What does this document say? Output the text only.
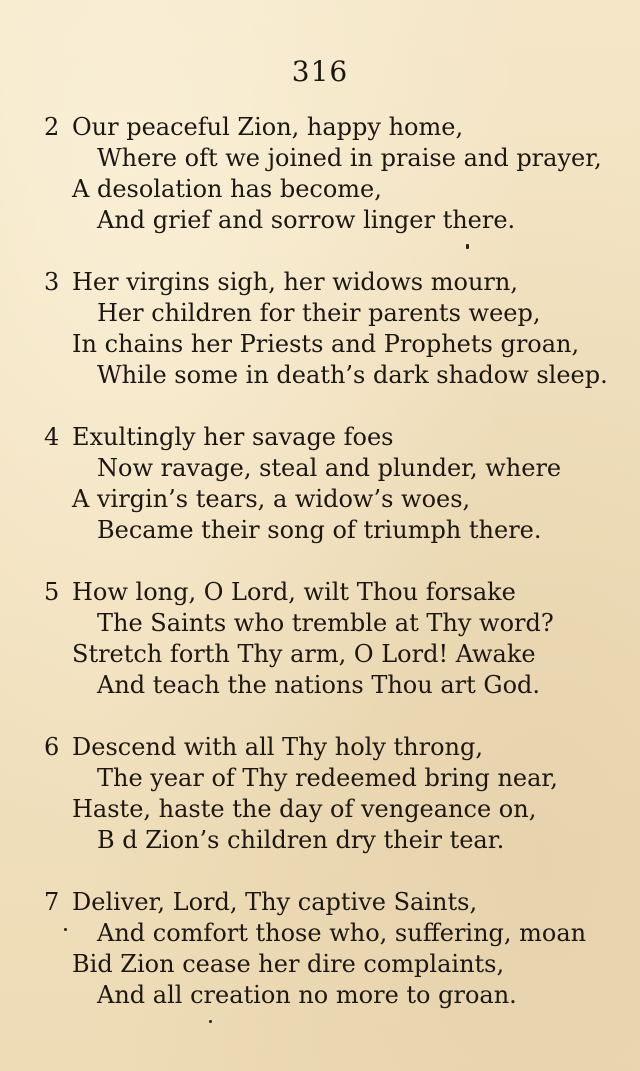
316
2 Our peaceful Zion, happy home,
Where oft we joined in praise and prayer,
A desolation has become,
And grief and sorrow linger there.
3 Her virgins sigh, her widows mourn,
Her children for their parents weep,
In chains her Priests and Prophets groan,
While some in death’s dark shadow sleep.
4 Exultingly her savage foes
Now ravage, steal and plunder, where
A virgin’s tears, a widow’s woes,
Became their song of triumph there.
5 How long, O Lord, wilt Thou forsake
The Saints who tremble at Thy word?
Stretch forth Thy arm, O Lord! Awake
And teach the nations Thou art God.
6 Descend with all Thy holy throng,
The year of Thy redeemed bring near,
Haste, haste the day of vengeance on,
B d Zion’s children dry their tear.
7 Deliver, Lord, Thy captive Saints,
And comfort those who, suffering, moan
Bid Zion cease her dire complaints,
And all creation no more to groan.
